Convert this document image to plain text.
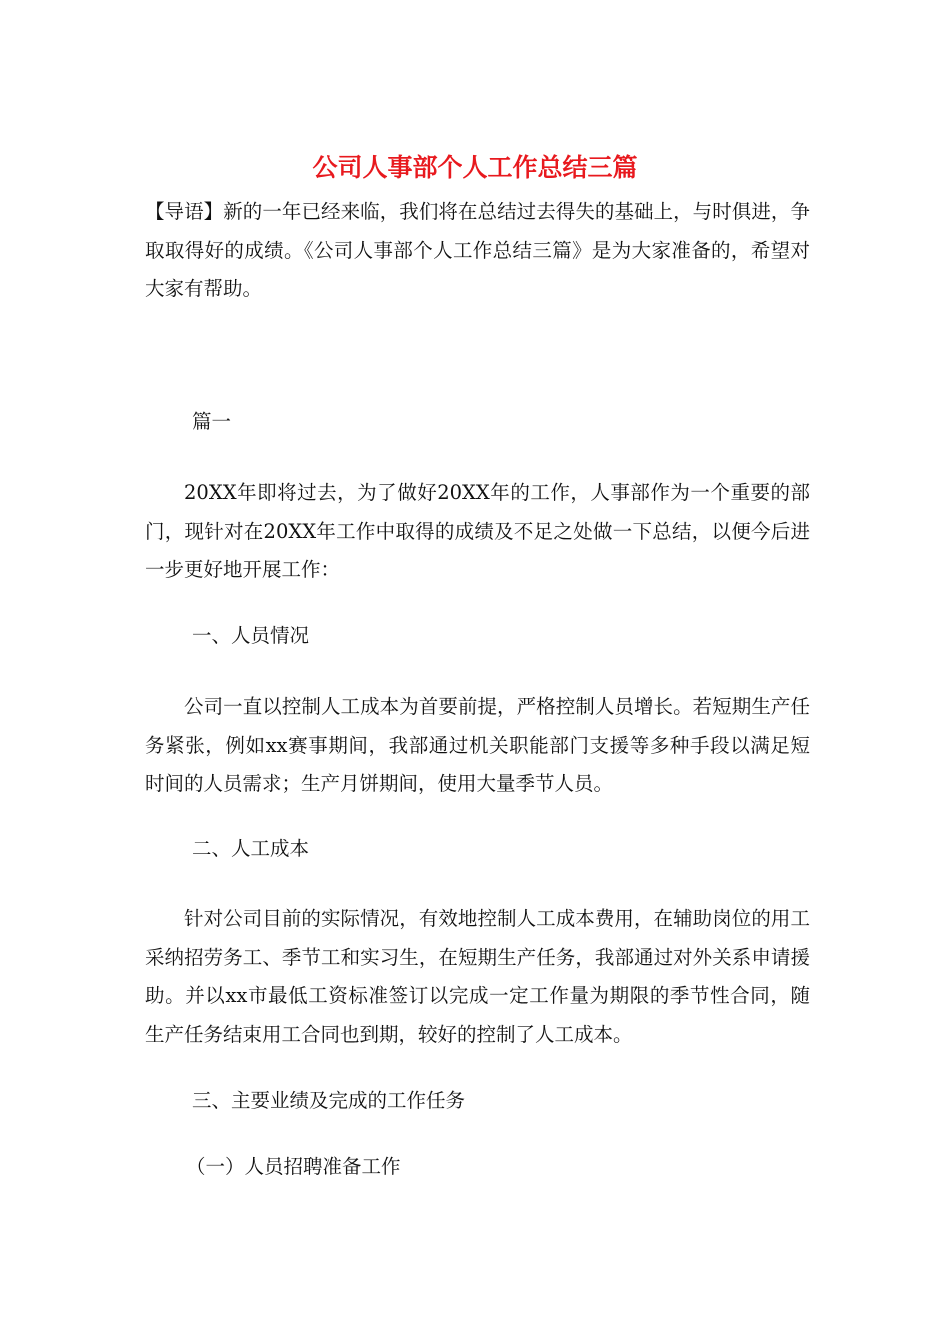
公司人事部个人工作总结三篇
【导语】新的一年已经来临，我们将在总结过去得失的基础上，与时俱进，争取取得好的成绩。《公司人事部个人工作总结三篇》是为大家准备的，希望对大家有帮助。
篇一
20XX年即将过去，为了做好20XX年的工作，人事部作为一个重要的部门，现针对在20XX年工作中取得的成绩及不足之处做一下总结，以便今后进一步更好地开展工作：
一、人员情况
公司一直以控制人工成本为首要前提，严格控制人员增长。若短期生产任务紧张，例如xx赛事期间，我部通过机关职能部门支援等多种手段以满足短时间的人员需求；生产月饼期间，使用大量季节人员。
二、人工成本
针对公司目前的实际情况，有效地控制人工成本费用，在辅助岗位的用工采纳招劳务工、季节工和实习生，在短期生产任务，我部通过对外关系申请援助。并以xx市最低工资标准签订以完成一定工作量为期限的季节性合同，随生产任务结束用工合同也到期，较好的控制了人工成本。
三、主要业绩及完成的工作任务
（一）人员招聘准备工作
